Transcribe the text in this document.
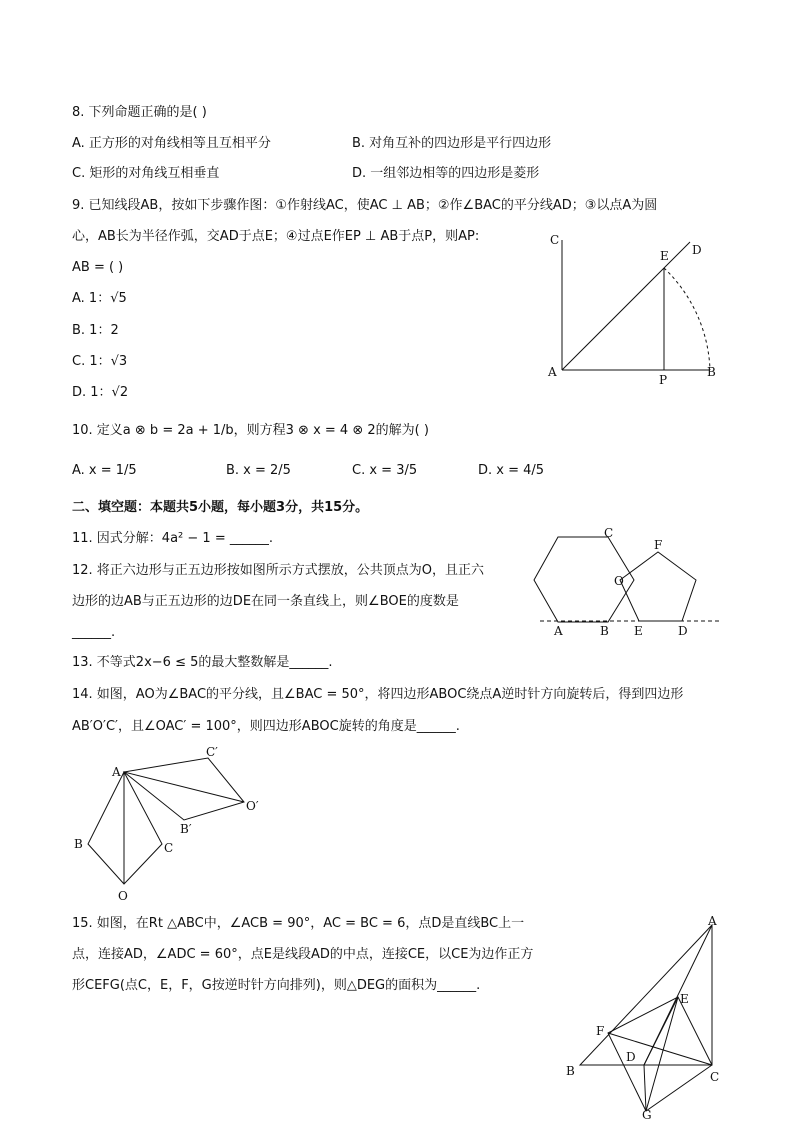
8. 下列命题正确的是( )
A. 正方形的对角线相等且互相平分	B. 对角互补的四边形是平行四边形
C. 矩形的对角线互相垂直	D. 一组邻边相等的四边形是菱形
9. 已知线段AB，按如下步骤作图：①作射线AC，使AC ⊥ AB；②作∠BAC的平分线AD；③以点A为圆
心，AB长为半径作弧，交AD于点E；④过点E作EP ⊥ AB于点P，则AP:
AB = ( )
A. 1：√5
B. 1：2
C. 1：√3
D. 1：√2
C
D
E
A
P
B
10. 定义a ⊗ b = 2a + 1/b，则方程3 ⊗ x = 4 ⊗ 2的解为( )
A. x = 1/5	B. x = 2/5	C. x = 3/5	D. x = 4/5
二、填空题：本题共5小题，每小题3分，共15分。
11. 因式分解：4a² − 1 = ______.
12. 将正六边形与正五边形按如图所示方式摆放，公共顶点为O，且正六
边形的边AB与正五边形的边DE在同一条直线上，则∠BOE的度数是
______.	A	B
C
O
F
E	D
13. 不等式2x−6 ≤ 5的最大整数解是______.
14. 如图，AO为∠BAC的平分线，且∠BAC = 50°，将四边形ABOC绕点A逆时针方向旋转后，得到四边形
AB′O′C′，且∠OAC′ = 100°，则四边形ABOC旋转的角度是______.
A
B	C
O
C′
O′
B′
15. 如图，在Rt △ABC中，∠ACB = 90°，AC = BC = 6，点D是直线BC上一
点，连接AD，∠ADC = 60°，点E是线段AD的中点，连接CE，以CE为边作正方
形CEFG(点C，E，F，G按逆时针方向排列)，则△DEG的面积为______.
A
B	C
D
E
F
G
